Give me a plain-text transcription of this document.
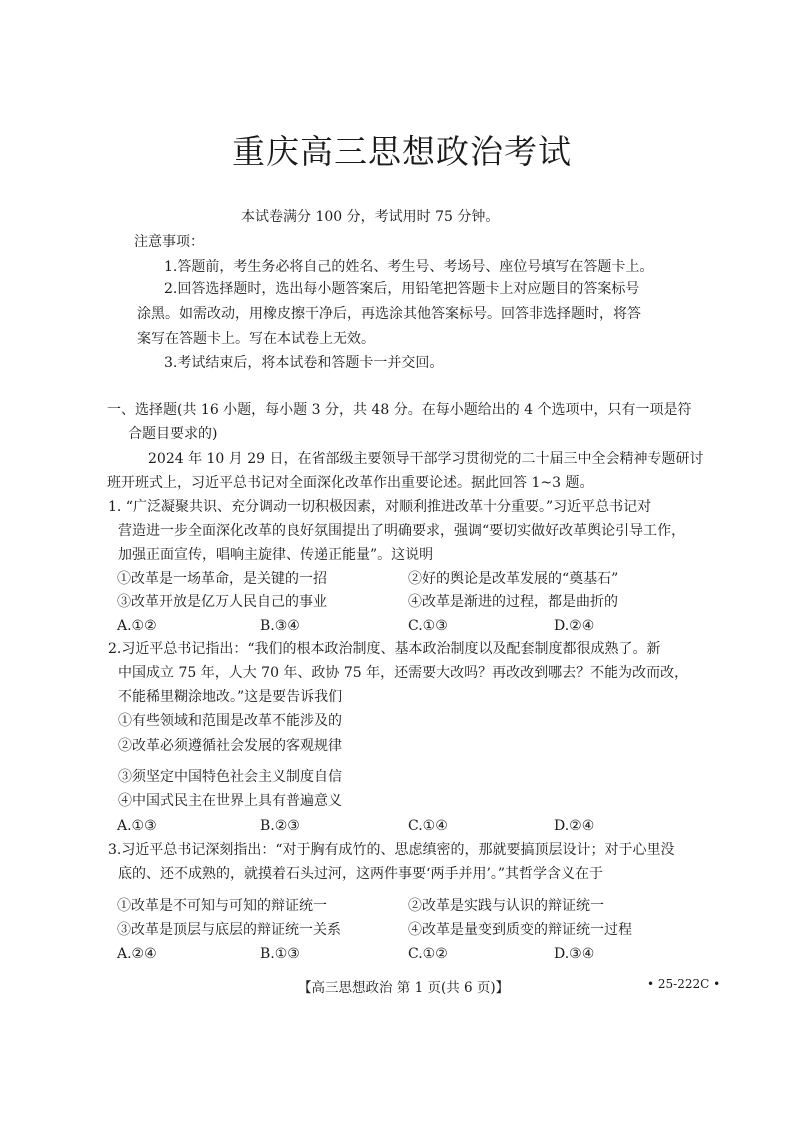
重庆高三思想政治考试
本试卷满分 100 分，考试用时 75 分钟。
注意事项：
1.答题前，考生务必将自己的姓名、考生号、考场号、座位号填写在答题卡上。
2.回答选择题时，选出每小题答案后，用铅笔把答题卡上对应题目的答案标号
涂黑。如需改动，用橡皮擦干净后，再选涂其他答案标号。回答非选择题时，将答
案写在答题卡上。写在本试卷上无效。
3.考试结束后，将本试卷和答题卡一并交回。
一、选择题(共 16 小题，每小题 3 分，共 48 分。在每小题给出的 4 个选项中，只有一项是符
合题目要求的)
2024 年 10 月 29 日，在省部级主要领导干部学习贯彻党的二十届三中全会精神专题研讨
班开班式上，习近平总书记对全面深化改革作出重要论述。据此回答 1~3 题。
1. “广泛凝聚共识、充分调动一切积极因素，对顺利推进改革十分重要。”习近平总书记对
营造进一步全面深化改革的良好氛围提出了明确要求，强调“要切实做好改革舆论引导工作，
加强正面宣传，唱响主旋律、传递正能量”。这说明
①改革是一场革命，是关键的一招	②好的舆论是改革发展的“奠基石”
③改革开放是亿万人民自己的事业	④改革是渐进的过程，都是曲折的
A.①②	B.③④	C.①③	D.②④
2.习近平总书记指出：“我们的根本政治制度、基本政治制度以及配套制度都很成熟了。新
中国成立 75 年，人大 70 年、政协 75 年，还需要大改吗？再改改到哪去？不能为改而改，
不能稀里糊涂地改。”这是要告诉我们
①有些领域和范围是改革不能涉及的
②改革必须遵循社会发展的客观规律
③须坚定中国特色社会主义制度自信
④中国式民主在世界上具有普遍意义
A.①③	B.②③	C.①④	D.②④
3.习近平总书记深刻指出：“对于胸有成竹的、思虑缜密的，那就要搞顶层设计；对于心里没
底的、还不成熟的，就摸着石头过河，这两件事要‘两手并用’。”其哲学含义在于
①改革是不可知与可知的辩证统一	②改革是实践与认识的辩证统一
③改革是顶层与底层的辩证统一关系	④改革是量变到质变的辩证统一过程
A.②④	B.①③	C.①②	D.③④
【高三思想政治 第 1 页(共 6 页)】	• 25-222C •
